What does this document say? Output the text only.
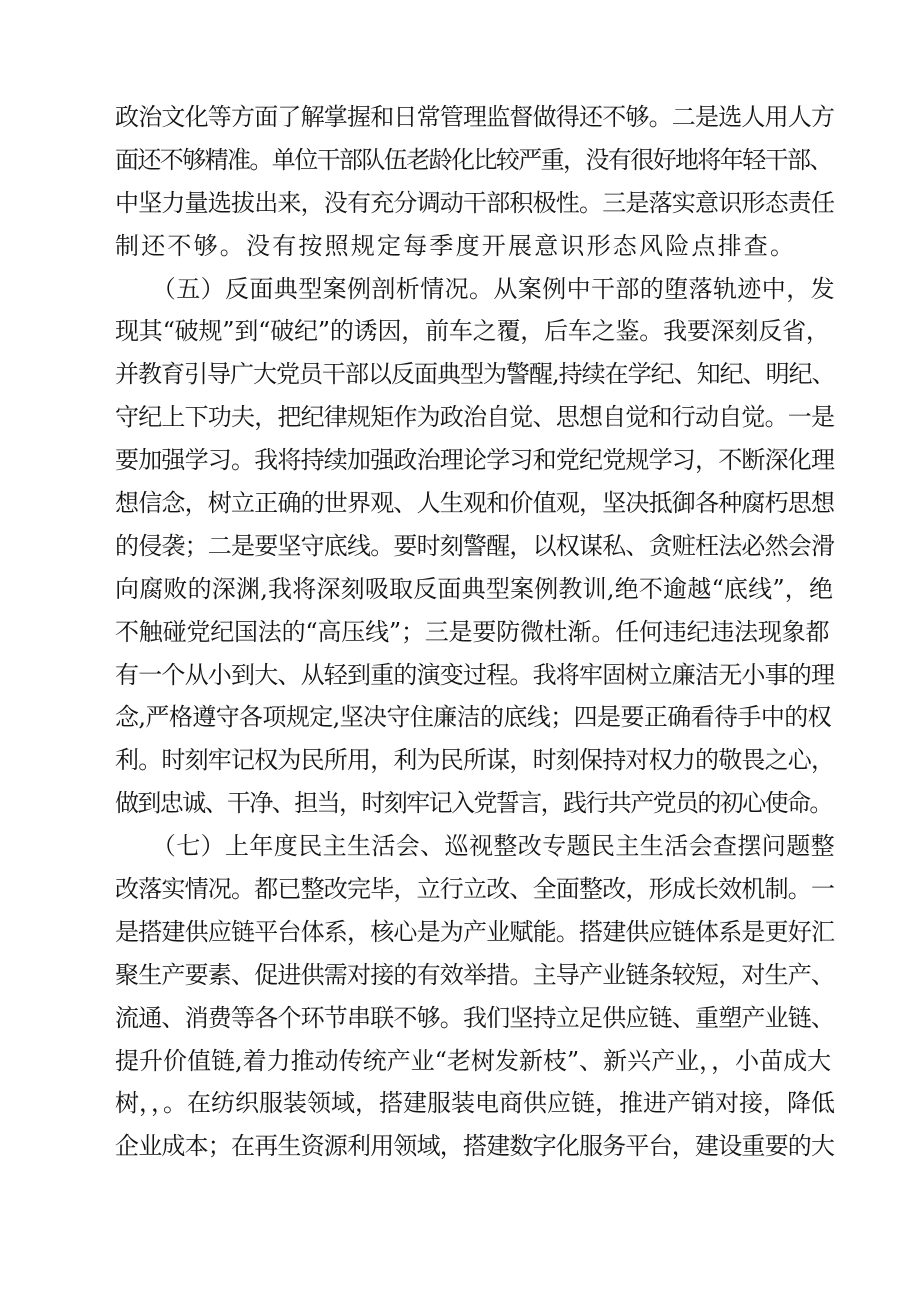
政治文化等方面了解掌握和日常管理监督做得还不够。二是选人用人方
面还不够精准。单位干部队伍老龄化比较严重，没有很好地将年轻干部、
中坚力量选拔出来，没有充分调动干部积极性。三是落实意识形态责任
制还不够。没有按照规定每季度开展意识形态风险点排查。
　　（五）反面典型案例剖析情况。从案例中干部的堕落轨迹中，发
现其“破规”到“破纪”的诱因，前车之覆，后车之鉴。我要深刻反省，
并教育引导广大党员干部以反面典型为警醒,持续在学纪、知纪、明纪、
守纪上下功夫，把纪律规矩作为政治自觉、思想自觉和行动自觉。一是
要加强学习。我将持续加强政治理论学习和党纪党规学习，不断深化理
想信念，树立正确的世界观、人生观和价值观，坚决抵御各种腐朽思想
的侵袭；二是要坚守底线。要时刻警醒，以权谋私、贪赃枉法必然会滑
向腐败的深渊,我将深刻吸取反面典型案例教训,绝不逾越“底线”，绝
不触碰党纪国法的“高压线”；三是要防微杜渐。任何违纪违法现象都
有一个从小到大、从轻到重的演变过程。我将牢固树立廉洁无小事的理
念,严格遵守各项规定,坚决守住廉洁的底线；四是要正确看待手中的权
利。时刻牢记权为民所用，利为民所谋，时刻保持对权力的敬畏之心，
做到忠诚、干净、担当，时刻牢记入党誓言，践行共产党员的初心使命。
　　（七）上年度民主生活会、巡视整改专题民主生活会查摆问题整
改落实情况。都已整改完毕，立行立改、全面整改，形成长效机制。一
是搭建供应链平台体系，核心是为产业赋能。搭建供应链体系是更好汇
聚生产要素、促进供需对接的有效举措。主导产业链条较短，对生产、
流通、消费等各个环节串联不够。我们坚持立足供应链、重塑产业链、
提升价值链,着力推动传统产业“老树发新枝”、新兴产业，，小苗成大
树，，。在纺织服装领域，搭建服装电商供应链，推进产销对接，降低
企业成本；在再生资源利用领域，搭建数字化服务平台，建设重要的大
